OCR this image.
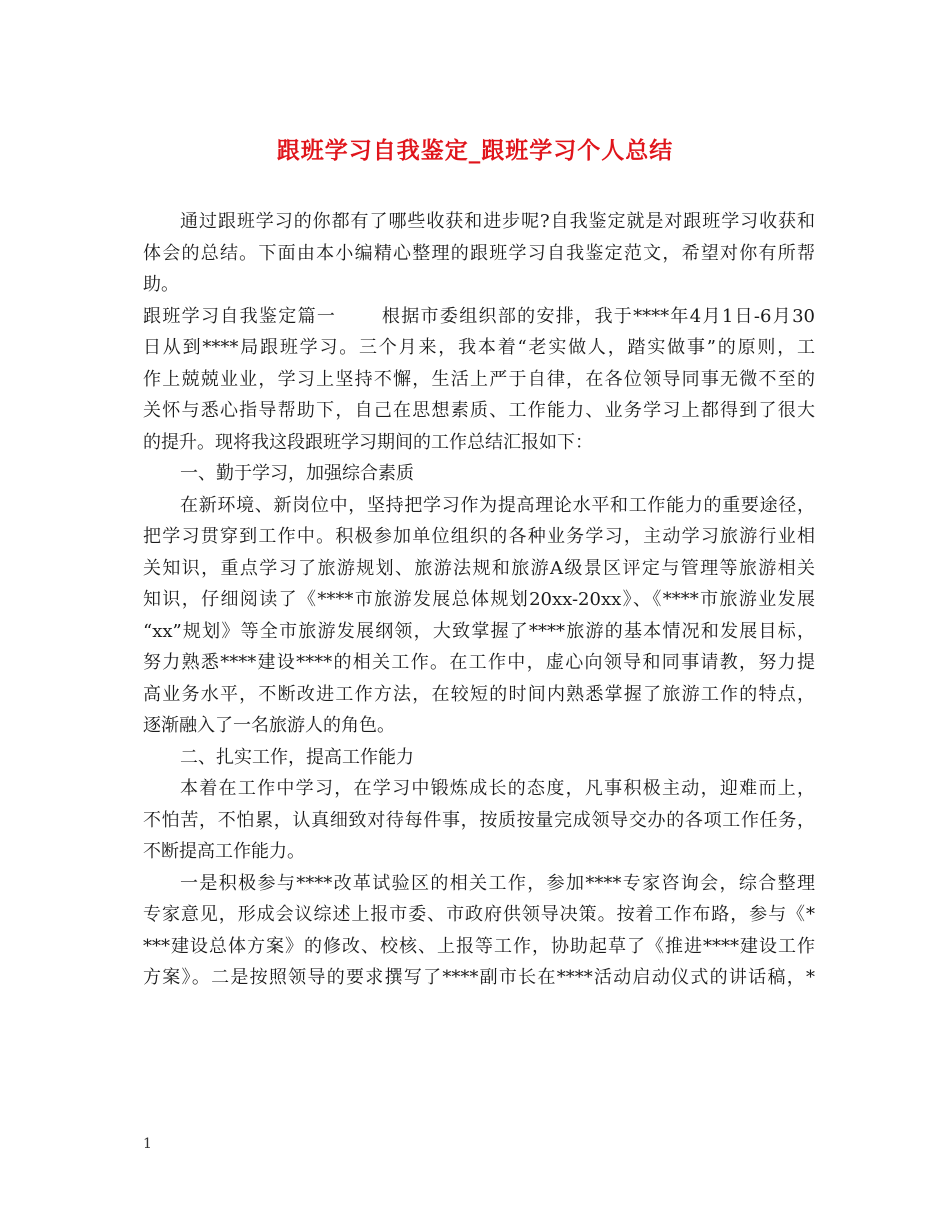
跟班学习自我鉴定_跟班学习个人总结
通过跟班学习的你都有了哪些收获和进步呢?自我鉴定就是对跟班学习收获和
体会的总结。下面由本小编精心整理的跟班学习自我鉴定范文，希望对你有所帮
助。
跟班学习自我鉴定篇一　　 根据市委组织部的安排，我于****年4月1日-6月30
日从到****局跟班学习。三个月来，我本着“老实做人，踏实做事”的原则，工
作上兢兢业业，学习上坚持不懈，生活上严于自律，在各位领导同事无微不至的
关怀与悉心指导帮助下，自己在思想素质、工作能力、业务学习上都得到了很大
的提升。现将我这段跟班学习期间的工作总结汇报如下：
一、勤于学习，加强综合素质
在新环境、新岗位中，坚持把学习作为提高理论水平和工作能力的重要途径，
把学习贯穿到工作中。积极参加单位组织的各种业务学习，主动学习旅游行业相
关知识，重点学习了旅游规划、旅游法规和旅游A级景区评定与管理等旅游相关
知识，仔细阅读了《****市旅游发展总体规划20xx-20xx》、《****市旅游业发展
“xx”规划》等全市旅游发展纲领，大致掌握了****旅游的基本情况和发展目标，
努力熟悉****建设****的相关工作。在工作中，虚心向领导和同事请教，努力提
高业务水平，不断改进工作方法，在较短的时间内熟悉掌握了旅游工作的特点，
逐渐融入了一名旅游人的角色。
二、扎实工作，提高工作能力
本着在工作中学习，在学习中锻炼成长的态度，凡事积极主动，迎难而上，
不怕苦，不怕累，认真细致对待每件事，按质按量完成领导交办的各项工作任务，
不断提高工作能力。
一是积极参与****改革试验区的相关工作，参加****专家咨询会，综合整理
专家意见，形成会议综述上报市委、市政府供领导决策。按着工作布路，参与《*
***建设总体方案》的修改、校核、上报等工作，协助起草了《推进****建设工作
方案》。二是按照领导的要求撰写了****副市长在****活动启动仪式的讲话稿，*
1
